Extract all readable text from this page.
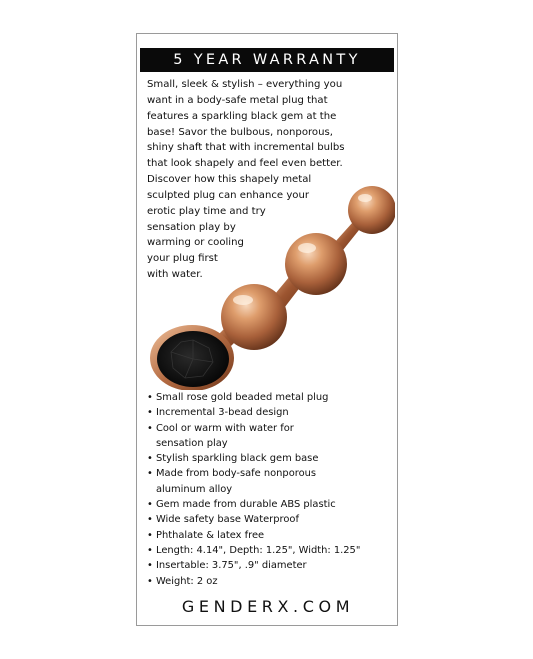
5 YEAR WARRANTY

Small, sleek & stylish – everything you
want in a body-safe metal plug that
features a sparkling black gem at the
base! Savor the bulbous, nonporous,
shiny shaft that with incremental bulbs
that look shapely and feel even better.
Discover how this shapely metal
sculpted plug can enhance your
erotic play time and try
sensation play by
warming or cooling
your plug first
with water.

• Small rose gold beaded metal plug
• Incremental 3-bead design
• Cool or warm with water for
sensation play
• Stylish sparkling black gem base
• Made from body-safe nonporous
aluminum alloy
• Gem made from durable ABS plastic
• Wide safety base Waterproof
• Phthalate & latex free
• Length: 4.14", Depth: 1.25", Width: 1.25"
• Insertable: 3.75", .9" diameter
• Weight: 2 oz
GENDERX.COM
